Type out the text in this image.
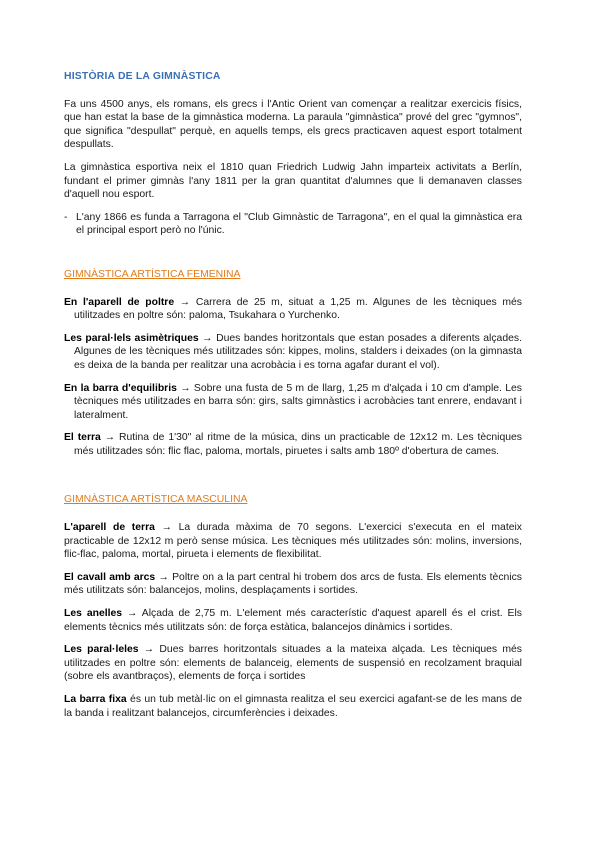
HISTÒRIA DE LA GIMNÀSTICA

Fa uns 4500 anys, els romans, els grecs i l'Antic Orient van començar a realitzar exercicis físics, que han estat la base de la gimnàstica moderna. La paraula "gimnàstica" prové del grec "gymnos", que significa "despullat" perquè, en aquells temps, els grecs practicaven aquest esport totalment despullats.

La gimnàstica esportiva neix el 1810 quan Friedrich Ludwig Jahn imparteix activitats a Berlín, fundant el primer gimnàs l'any 1811 per la gran quantitat d'alumnes que li demanaven classes d'aquell nou esport.

- L'any 1866 es funda a Tarragona el "Club Gimnàstic de Tarragona", en el qual la gimnàstica era el principal esport però no l'únic.
GIMNÀSTICA ARTÍSTICA FEMENINA

En l'aparell de poltre → Carrera de 25 m, situat a 1,25 m. Algunes de les tècniques més utilitzades en poltre són: paloma, Tsukahara o Yurchenko.

Les paral·lels asimètriques → Dues bandes horitzontals que estan posades a diferents alçades. Algunes de les tècniques més utilitzades són: kippes, molins, stalders i deixades (on la gimnasta es deixa de la banda per realitzar una acrobàcia i es torna agafar durant el vol).

En la barra d'equilibris → Sobre una fusta de 5 m de llarg, 1,25 m d'alçada i 10 cm d'ample. Les tècniques més utilitzades en barra són: girs, salts gimnàstics i acrobàcies tant enrere, endavant i lateralment.

El terra → Rutina de 1'30" al ritme de la música, dins un practicable de 12x12 m. Les tècniques més utilitzades són: flic flac, paloma, mortals, piruetes i salts amb 180º d'obertura de cames.

GIMNÀSTICA ARTÍSTICA MASCULINA

L'aparell de terra → La durada màxima de 70 segons. L'exercici s'executa en el mateix practicable de 12x12 m però sense música. Les tècniques més utilitzades són: molins, inversions, flic-flac, paloma, mortal, pirueta i elements de flexibilitat.

El cavall amb arcs → Poltre on a la part central hi trobem dos arcs de fusta. Els elements tècnics més utilitzats són: balancejos, molins, desplaçaments i sortides.

Les anelles → Alçada de 2,75 m. L'element més característic d'aquest aparell és el crist. Els elements tècnics més utilitzats són: de força estàtica, balancejos dinàmics i sortides.

Les paral·leles → Dues barres horitzontals situades a la mateixa alçada. Les tècniques més utilitzades en poltre són: elements de balanceig, elements de suspensió en recolzament braquial (sobre els avantbraços), elements de força i sortides

La barra fixa és un tub metàl·lic on el gimnasta realitza el seu exercici agafant-se de les mans de la banda i realitzant balancejos, circumferències i deixades.
